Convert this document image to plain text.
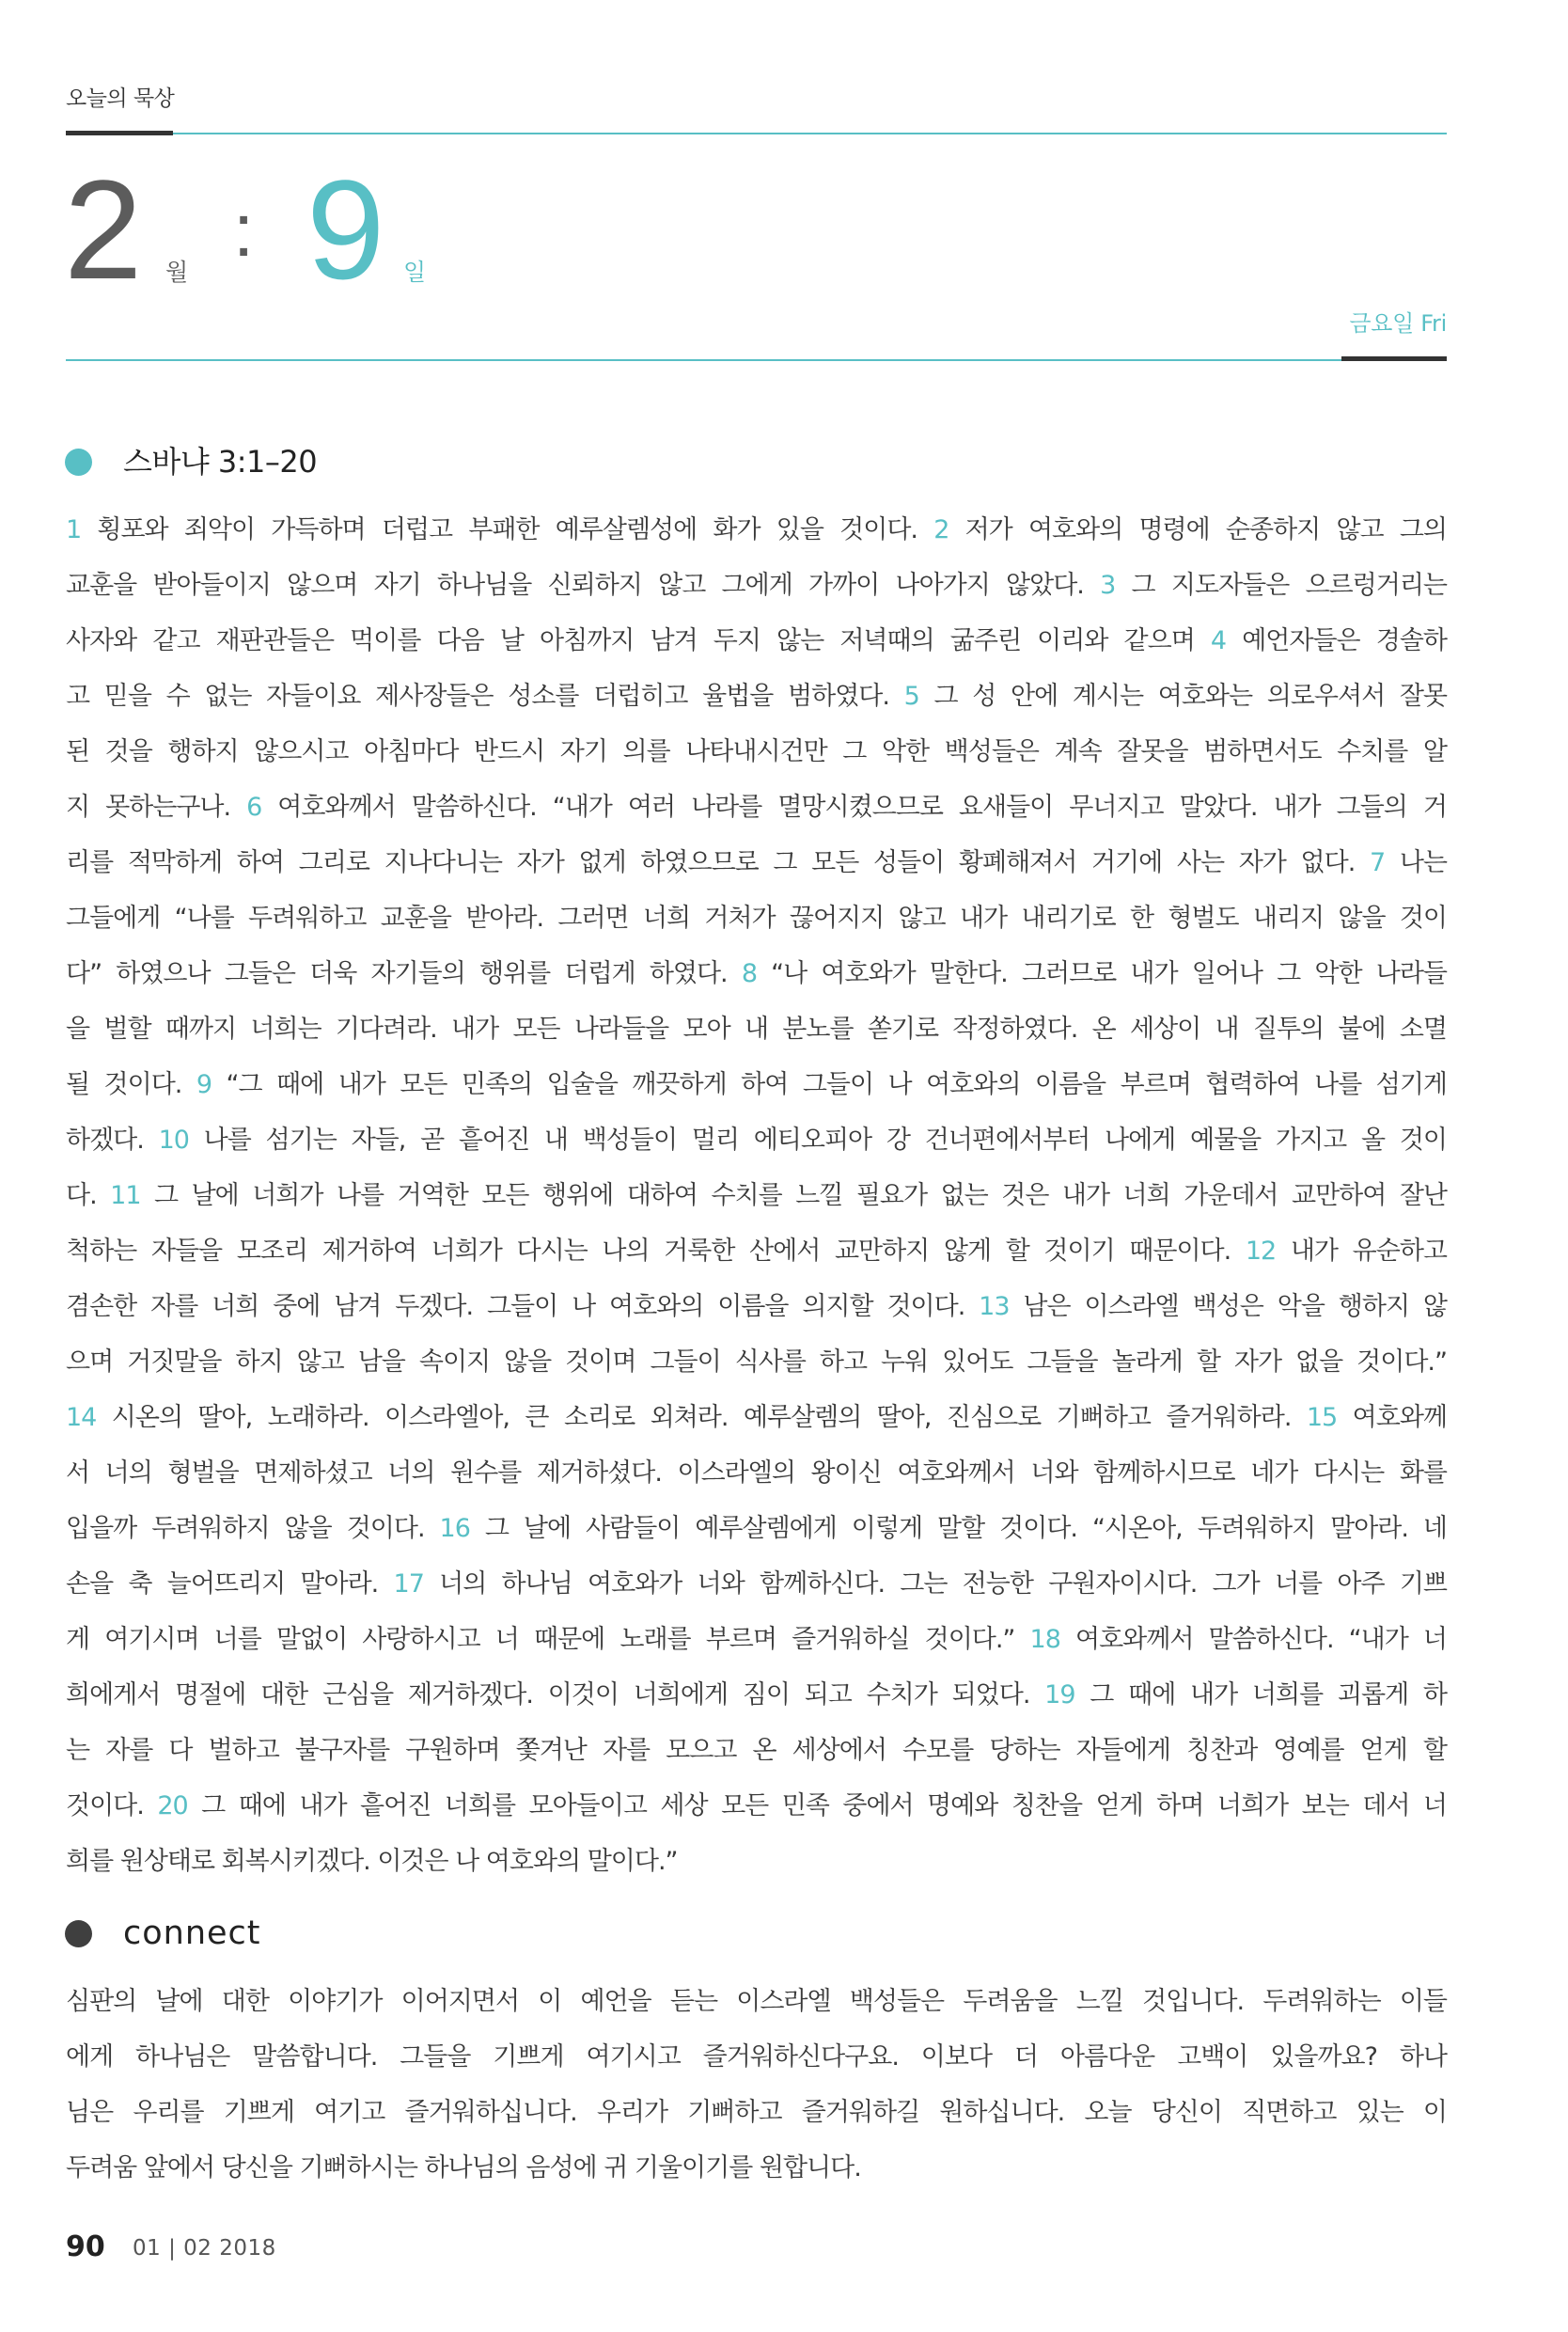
오늘의 묵상
2 월
: 9 일
금요일 Fri
스바냐 3:1–20
1 횡포와 죄악이 가득하며 더럽고 부패한 예루살렘성에 화가 있을 것이다. 2 저가 여호와의 명령에 순종하지 않고 그의
교훈을 받아들이지 않으며 자기 하나님을 신뢰하지 않고 그에게 가까이 나아가지 않았다. 3 그 지도자들은 으르렁거리는
사자와 같고 재판관들은 먹이를 다음 날 아침까지 남겨 두지 않는 저녁때의 굶주린 이리와 같으며 4 예언자들은 경솔하
고 믿을 수 없는 자들이요 제사장들은 성소를 더럽히고 율법을 범하였다. 5 그 성 안에 계시는 여호와는 의로우셔서 잘못
된 것을 행하지 않으시고 아침마다 반드시 자기 의를 나타내시건만 그 악한 백성들은 계속 잘못을 범하면서도 수치를 알
지 못하는구나. 6 여호와께서 말씀하신다. “내가 여러 나라를 멸망시켰으므로 요새들이 무너지고 말았다. 내가 그들의 거
리를 적막하게 하여 그리로 지나다니는 자가 없게 하였으므로 그 모든 성들이 황폐해져서 거기에 사는 자가 없다. 7 나는
그들에게 “나를 두려워하고 교훈을 받아라. 그러면 너희 거처가 끊어지지 않고 내가 내리기로 한 형벌도 내리지 않을 것이
다” 하였으나 그들은 더욱 자기들의 행위를 더럽게 하였다. 8 “나 여호와가 말한다. 그러므로 내가 일어나 그 악한 나라들
을 벌할 때까지 너희는 기다려라. 내가 모든 나라들을 모아 내 분노를 쏟기로 작정하였다. 온 세상이 내 질투의 불에 소멸
될 것이다. 9 “그 때에 내가 모든 민족의 입술을 깨끗하게 하여 그들이 나 여호와의 이름을 부르며 협력하여 나를 섬기게
하겠다. 10 나를 섬기는 자들, 곧 흩어진 내 백성들이 멀리 에티오피아 강 건너편에서부터 나에게 예물을 가지고 올 것이
다. 11 그 날에 너희가 나를 거역한 모든 행위에 대하여 수치를 느낄 필요가 없는 것은 내가 너희 가운데서 교만하여 잘난
척하는 자들을 모조리 제거하여 너희가 다시는 나의 거룩한 산에서 교만하지 않게 할 것이기 때문이다. 12 내가 유순하고
겸손한 자를 너희 중에 남겨 두겠다. 그들이 나 여호와의 이름을 의지할 것이다. 13 남은 이스라엘 백성은 악을 행하지 않
으며 거짓말을 하지 않고 남을 속이지 않을 것이며 그들이 식사를 하고 누워 있어도 그들을 놀라게 할 자가 없을 것이다.”
14 시온의 딸아, 노래하라. 이스라엘아, 큰 소리로 외쳐라. 예루살렘의 딸아, 진심으로 기뻐하고 즐거워하라. 15 여호와께
서 너의 형벌을 면제하셨고 너의 원수를 제거하셨다. 이스라엘의 왕이신 여호와께서 너와 함께하시므로 네가 다시는 화를
입을까 두려워하지 않을 것이다. 16 그 날에 사람들이 예루살렘에게 이렇게 말할 것이다. “시온아, 두려워하지 말아라. 네
손을 축 늘어뜨리지 말아라. 17 너의 하나님 여호와가 너와 함께하신다. 그는 전능한 구원자이시다. 그가 너를 아주 기쁘
게 여기시며 너를 말없이 사랑하시고 너 때문에 노래를 부르며 즐거워하실 것이다.” 18 여호와께서 말씀하신다. “내가 너
희에게서 명절에 대한 근심을 제거하겠다. 이것이 너희에게 짐이 되고 수치가 되었다. 19 그 때에 내가 너희를 괴롭게 하
는 자를 다 벌하고 불구자를 구원하며 쫓겨난 자를 모으고 온 세상에서 수모를 당하는 자들에게 칭찬과 영예를 얻게 할
것이다. 20 그 때에 내가 흩어진 너희를 모아들이고 세상 모든 민족 중에서 명예와 칭찬을 얻게 하며 너희가 보는 데서 너
희를 원상태로 회복시키겠다. 이것은 나 여호와의 말이다.”
connect
심판의 날에 대한 이야기가 이어지면서 이 예언을 듣는 이스라엘 백성들은 두려움을 느낄 것입니다. 두려워하는 이들
에게 하나님은 말씀합니다. 그들을 기쁘게 여기시고 즐거워하신다구요. 이보다 더 아름다운 고백이 있을까요? 하나
님은 우리를 기쁘게 여기고 즐거워하십니다. 우리가 기뻐하고 즐거워하길 원하십니다. 오늘 당신이 직면하고 있는 이
두려움 앞에서 당신을 기뻐하시는 하나님의 음성에 귀 기울이기를 원합니다.
90 01 | 02 2018
